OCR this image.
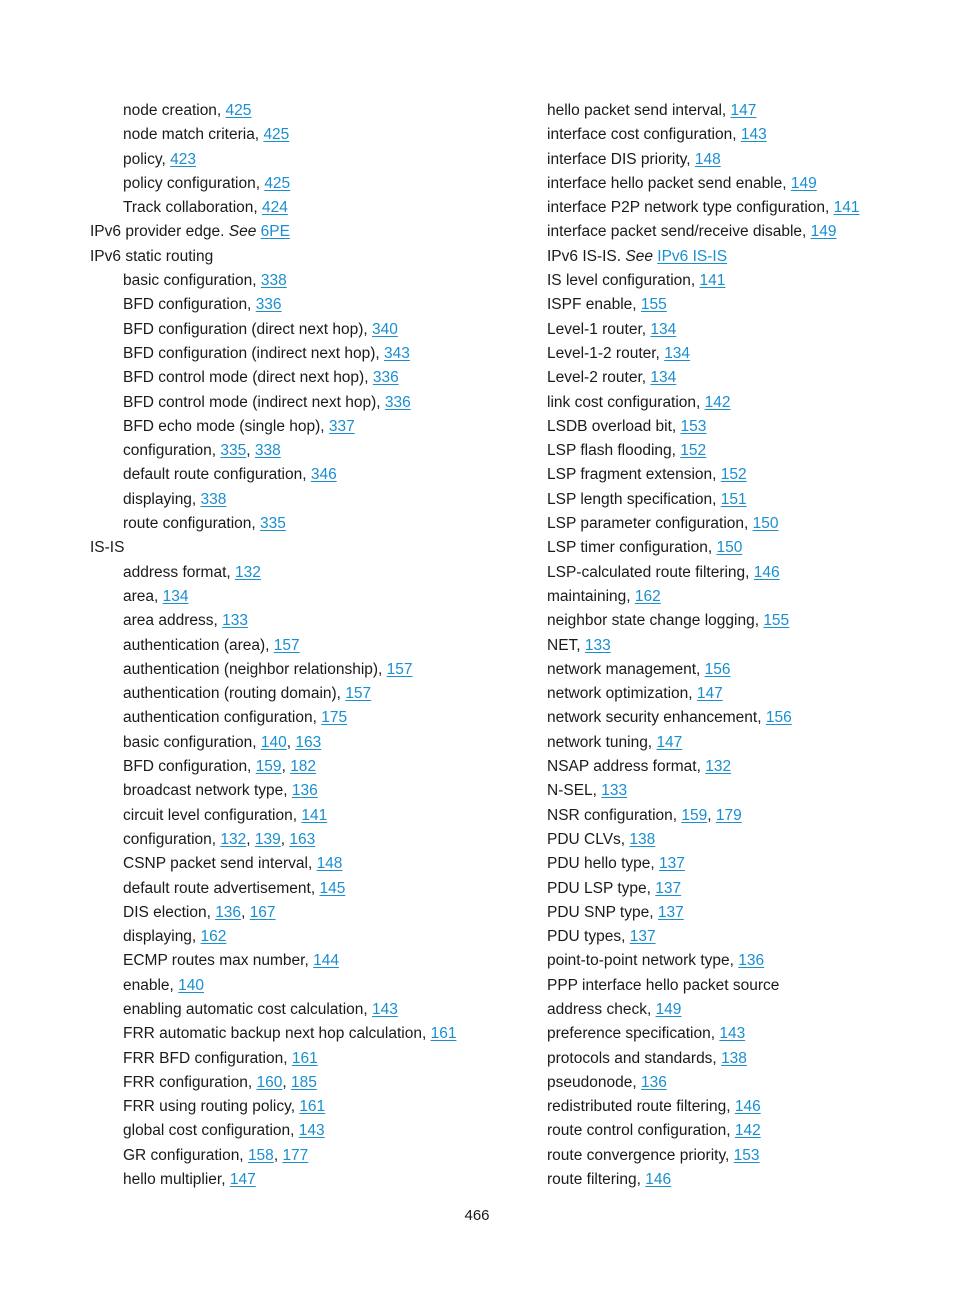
node creation, 425
node match criteria, 425
policy, 423
policy configuration, 425
Track collaboration, 424
IPv6 provider edge. See 6PE
IPv6 static routing
basic configuration, 338
BFD configuration, 336
BFD configuration (direct next hop), 340
BFD configuration (indirect next hop), 343
BFD control mode (direct next hop), 336
BFD control mode (indirect next hop), 336
BFD echo mode (single hop), 337
configuration, 335, 338
default route configuration, 346
displaying, 338
route configuration, 335
IS-IS
address format, 132
area, 134
area address, 133
authentication (area), 157
authentication (neighbor relationship), 157
authentication (routing domain), 157
authentication configuration, 175
basic configuration, 140, 163
BFD configuration, 159, 182
broadcast network type, 136
circuit level configuration, 141
configuration, 132, 139, 163
CSNP packet send interval, 148
default route advertisement, 145
DIS election, 136, 167
displaying, 162
ECMP routes max number, 144
enable, 140
enabling automatic cost calculation, 143
FRR automatic backup next hop calculation, 161
FRR BFD configuration, 161
FRR configuration, 160, 185
FRR using routing policy, 161
global cost configuration, 143
GR configuration, 158, 177
hello multiplier, 147
hello packet send interval, 147
interface cost configuration, 143
interface DIS priority, 148
interface hello packet send enable, 149
interface P2P network type configuration, 141
interface packet send/receive disable, 149
IPv6 IS-IS. See IPv6 IS-IS
IS level configuration, 141
ISPF enable, 155
Level-1 router, 134
Level-1-2 router, 134
Level-2 router, 134
link cost configuration, 142
LSDB overload bit, 153
LSP flash flooding, 152
LSP fragment extension, 152
LSP length specification, 151
LSP parameter configuration, 150
LSP timer configuration, 150
LSP-calculated route filtering, 146
maintaining, 162
neighbor state change logging, 155
NET, 133
network management, 156
network optimization, 147
network security enhancement, 156
network tuning, 147
NSAP address format, 132
N-SEL, 133
NSR configuration, 159, 179
PDU CLVs, 138
PDU hello type, 137
PDU LSP type, 137
PDU SNP type, 137
PDU types, 137
point-to-point network type, 136
PPP interface hello packet source address check, 149
preference specification, 143
protocols and standards, 138
pseudonode, 136
redistributed route filtering, 146
route control configuration, 142
route convergence priority, 153
route filtering, 146
466
